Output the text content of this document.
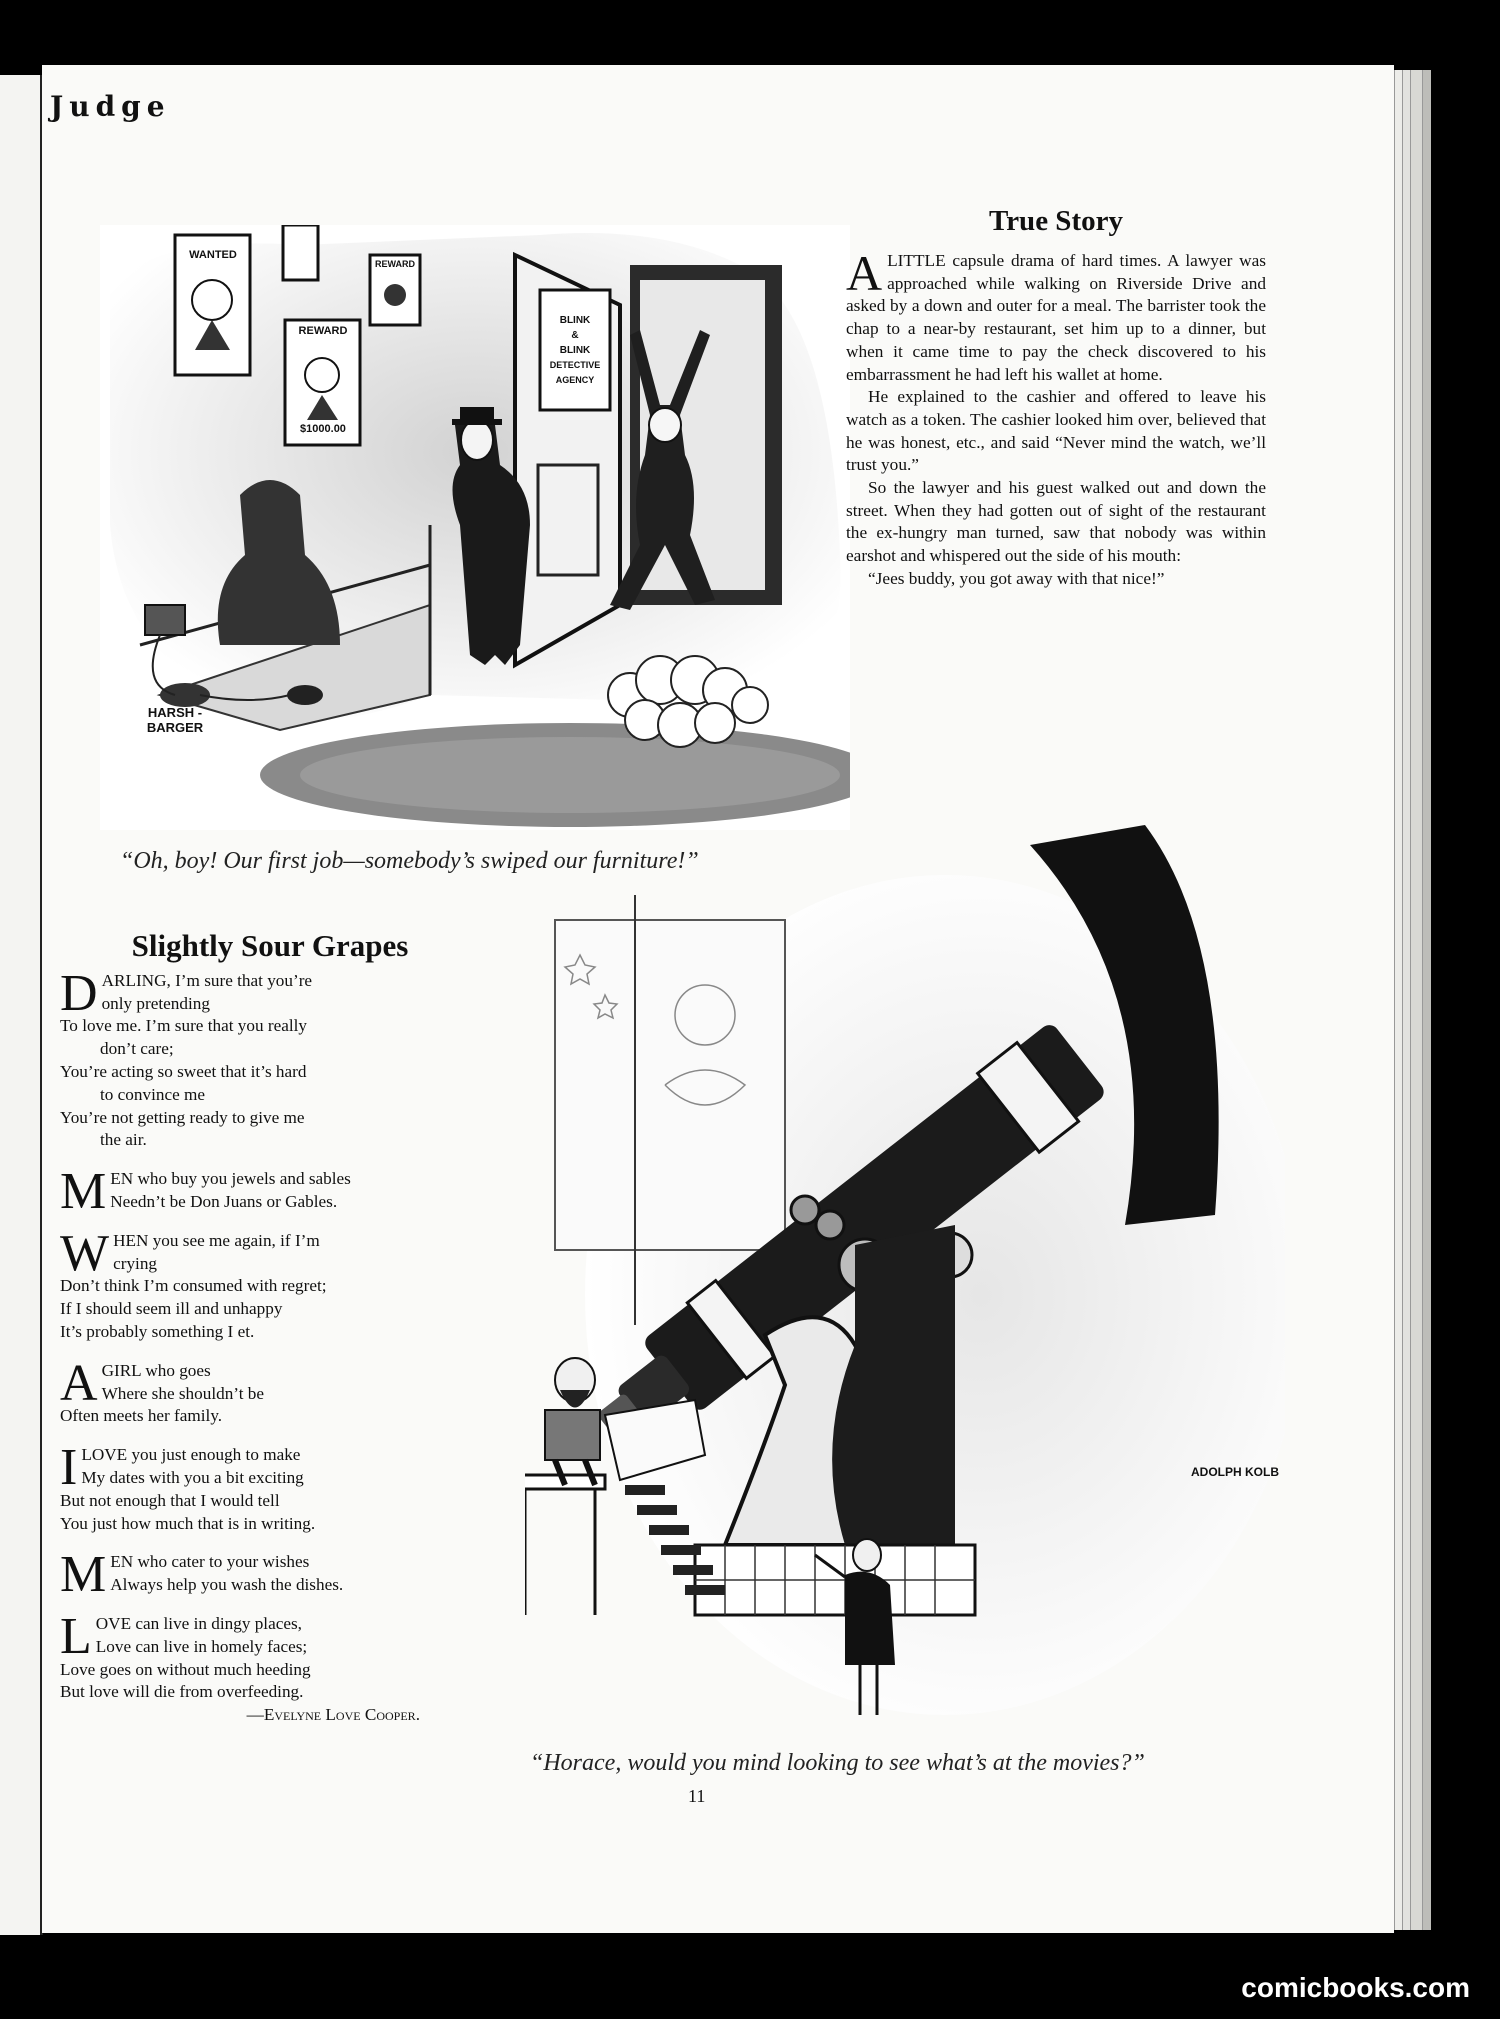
Judge
WANTED
REWARD
REWARD
$1000.00
BLINK
&
BLINK
DETECTIVE
AGENCY
HARSH - BARGER
“Oh, boy! Our first job—somebody’s swiped our furniture!”
True Story

ALITTLE capsule drama of hard times. A lawyer was approached while walking on Riverside Drive and asked by a down and outer for a meal. The barrister took the chap to a near-by restaurant, set him up to a dinner, but when it came time to pay the check discovered to his embarrassment he had left his wallet at home.

He explained to the cashier and offered to leave his watch as a token. The cashier looked him over, believed that he was honest, etc., and said “Never mind the watch, we’ll trust you.”

So the lawyer and his guest walked out and down the street. When they had gotten out of sight of the restaurant the ex-hungry man turned, saw that nobody was within earshot and whispered out the side of his mouth:

“Jees buddy, you got away with that nice!”

Slightly Sour Grapes
D ARLING, I’m sure that you’re
only pretending
To love me. I’m sure that you really
don’t care;
You’re acting so sweet that it’s hard
to convince me
You’re not getting ready to give me
the air.
M EN who buy you jewels and sables
Needn’t be Don Juans or Gables.
W HEN you see me again, if I’m
crying
Don’t think I’m consumed with regret;
If I should seem ill and unhappy
It’s probably something I et.
A GIRL who goes
Where she shouldn’t be
Often meets her family.
I LOVE you just enough to make
My dates with you a bit exciting
But not enough that I would tell
You just how much that is in writing.
M EN who cater to your wishes
Always help you wash the dishes.
L OVE can live in dingy places,
Love can live in homely faces;
Love goes on without much heeding
But love will die from overfeeding.
—Evelyne Love Cooper.
ADOLPH KOLB
“Horace, would you mind looking to see what’s at the movies?”
11
comicbooks.com
